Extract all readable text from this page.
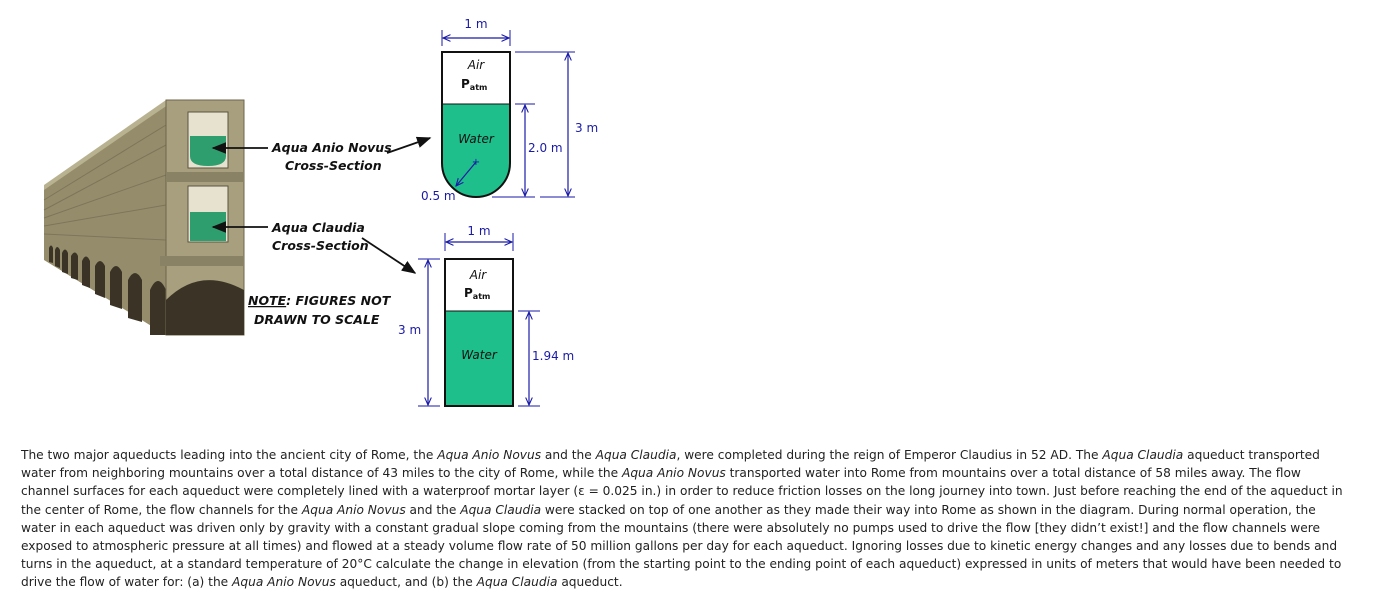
Aqua Anio Novus
Cross-Section
Aqua Claudia
Cross-Section
NOTE: FIGURES NOT
DRAWN TO SCALE
Air
Patm
Water
+
0.5 m
1 m
2.0 m
3 m
Air
Patm
Water
1 m
3 m
1.94 m

The two major aqueducts leading into the ancient city of Rome, the Aqua Anio Novus and the Aqua Claudia, were completed during the reign of Emperor Claudius in 52 AD. The Aqua Claudia aqueduct transported water from neighboring mountains over a total distance of 43 miles to the city of Rome, while the Aqua Anio Novus transported water into Rome from mountains over a total distance of 58 miles away. The flow channel surfaces for each aqueduct were completely lined with a waterproof mortar layer (ε = 0.025 in.) in order to reduce friction losses on the long journey into town. Just before reaching the end of the aqueduct in the center of Rome, the flow channels for the Aqua Anio Novus and the Aqua Claudia were stacked on top of one another as they made their way into Rome as shown in the diagram. During normal operation, the water in each aqueduct was driven only by gravity with a constant gradual slope coming from the mountains (there were absolutely no pumps used to drive the flow [they didn’t exist!] and the flow channels were exposed to atmospheric pressure at all times) and flowed at a steady volume flow rate of 50 million gallons per day for each aqueduct. Ignoring losses due to kinetic energy changes and any losses due to bends and turns in the aqueduct, at a standard temperature of 20°C calculate the change in elevation (from the starting point to the ending point of each aqueduct) expressed in units of meters that would have been needed to drive the flow of water for: (a) the Aqua Anio Novus aqueduct, and (b) the Aqua Claudia aqueduct.
